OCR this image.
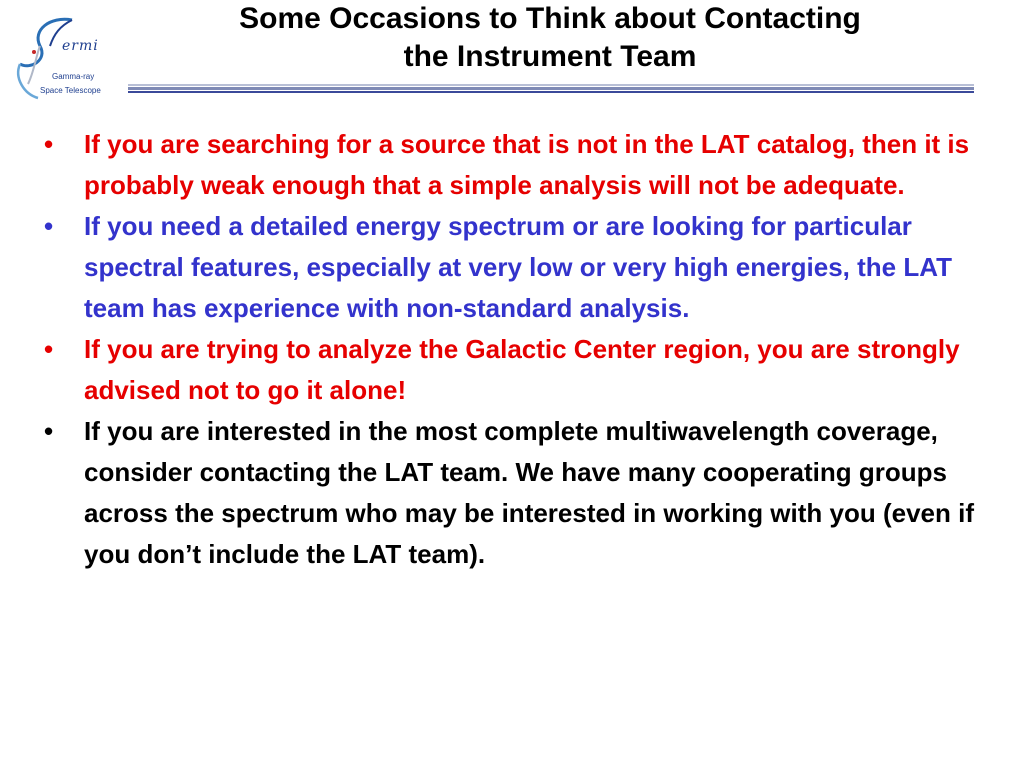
ermi
Gamma-ray
Space Telescope
Some Occasions to Think about Contacting
the Instrument Team
• If you are searching for a source that is not in the LAT catalog, then it is probably weak enough that a simple analysis will not be adequate.
• If you need a detailed energy spectrum or are looking for particular spectral features, especially at very low or very high energies, the LAT team has experience with non-standard analysis.
• If you are trying to analyze the Galactic Center region, you are strongly advised not to go it alone!
• If you are interested in the most complete multiwavelength coverage, consider contacting the LAT team. We have many cooperating groups across the spectrum who may be interested in working with you (even if you don’t include the LAT team).
